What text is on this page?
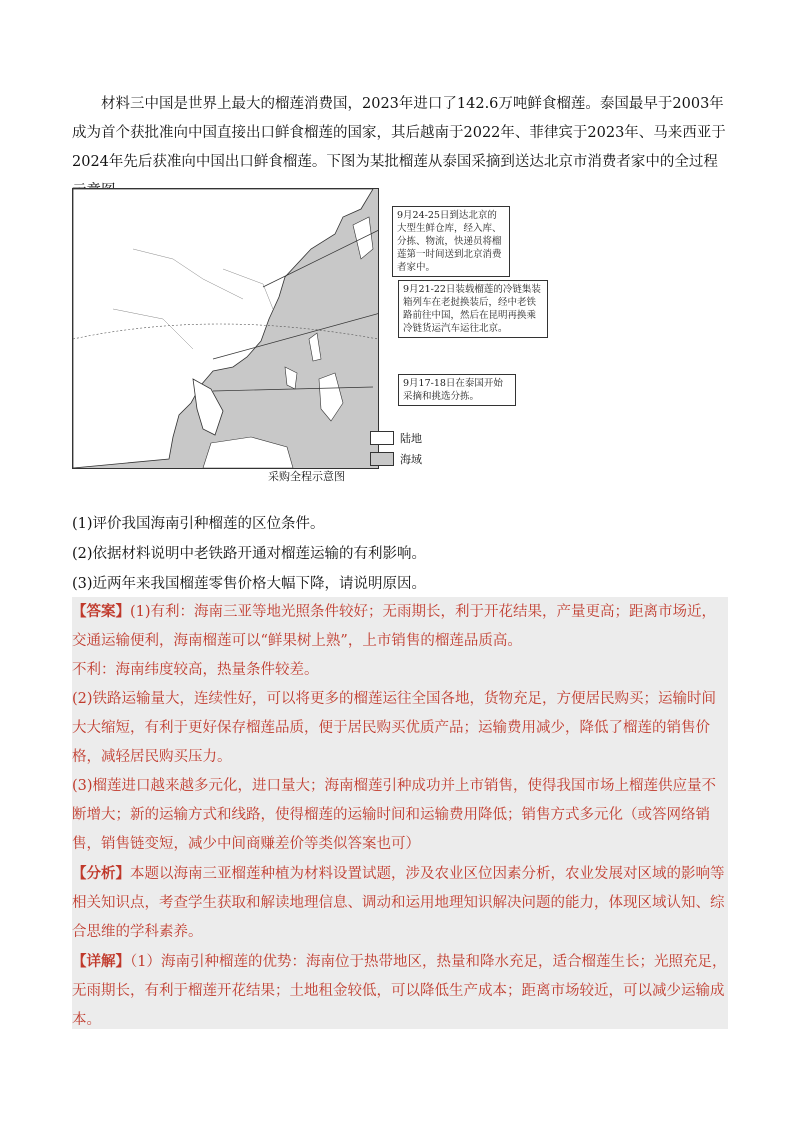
材料三中国是世界上最大的榴莲消费国，2023年进口了142.6万吨鲜食榴莲。泰国最早于2003年成为首个获批准向中国直接出口鲜食榴莲的国家，其后越南于2022年、菲律宾于2023年、马来西亚于2024年先后获准向中国出口鲜食榴莲。下图为某批榴莲从泰国采摘到送达北京市消费者家中的全过程
9月24-25日到达北京的大型生鲜仓库，经入库、分拣、物流，快递员将榴莲第一时间送到北京消费者家中。
9月21-22日装载榴莲的冷链集装箱列车在老挝换装后，经中老铁路前往中国，然后在昆明再换乘冷链货运汽车运往北京。
9月17-18日在泰国开始采摘和挑选分拣。
陆地
海域
采购全程示意图
(1)评价我国海南引种榴莲的区位条件。
(2)依据材料说明中老铁路开通对榴莲运输的有利影响。
(3)近两年来我国榴莲零售价格大幅下降，请说明原因。

【答案】(1)有利：海南三亚等地光照条件较好；无雨期长，利于开花结果，产量更高；距离市场近，交通运输便利，海南榴莲可以“鲜果树上熟”，上市销售的榴莲品质高。

不利：海南纬度较高，热量条件较差。

(2)铁路运输量大，连续性好，可以将更多的榴莲运往全国各地，货物充足，方便居民购买；运输时间大大缩短，有利于更好保存榴莲品质，便于居民购买优质产品；运输费用减少，降低了榴莲的销售价格，减轻居民购买压力。

(3)榴莲进口越来越多元化，进口量大；海南榴莲引种成功并上市销售，使得我国市场上榴莲供应量不断增大；新的运输方式和线路，使得榴莲的运输时间和运输费用降低；销售方式多元化（或答网络销售，销售链变短，减少中间商赚差价等类似答案也可）

【分析】本题以海南三亚榴莲种植为材料设置试题，涉及农业区位因素分析，农业发展对区域的影响等相关知识点，考查学生获取和解读地理信息、调动和运用地理知识解决问题的能力，体现区域认知、综合思维的学科素养。

【详解】（1）海南引种榴莲的优势：海南位于热带地区，热量和降水充足，适合榴莲生长；光照充足，无雨期长，有利于榴莲开花结果；土地租金较低，可以降低生产成本；距离市场较近，可以减少运输成本。
